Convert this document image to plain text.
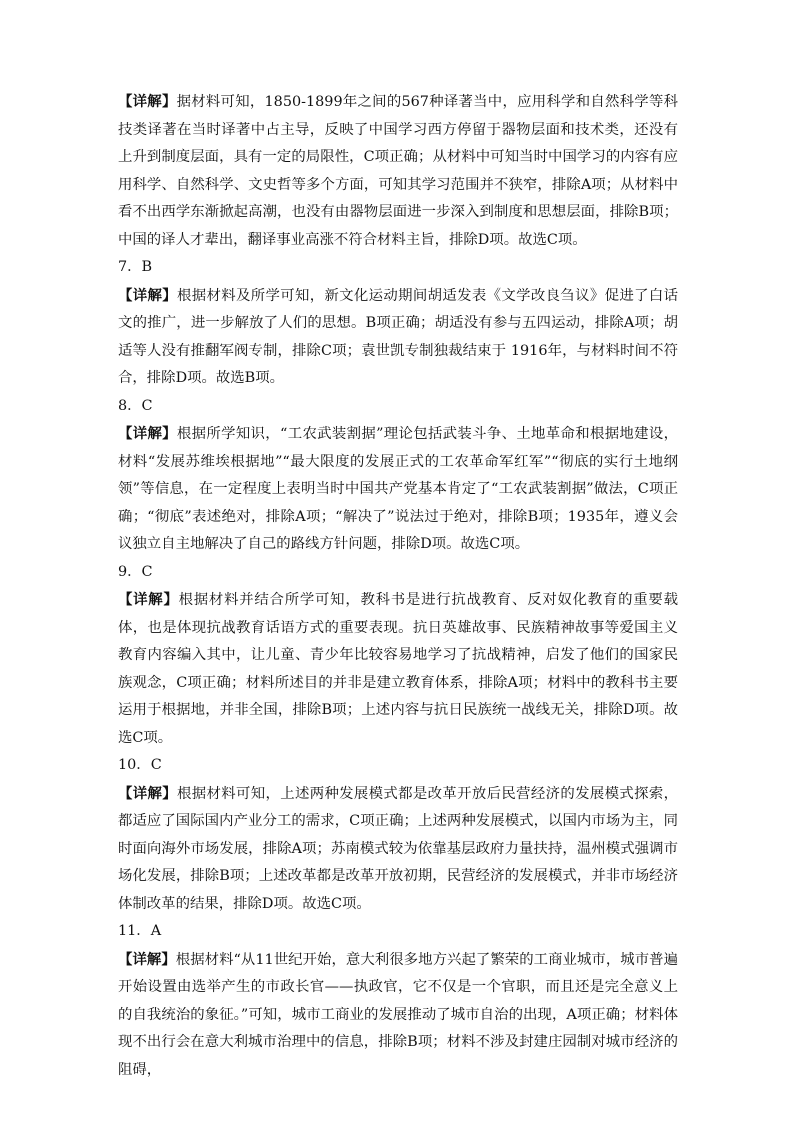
【详解】据材料可知，1850-1899年之间的567种译著当中，应用科学和自然科学等科技类译著在当时译著中占主导，反映了中国学习西方停留于器物层面和技术类，还没有上升到制度层面，具有一定的局限性，C项正确；从材料中可知当时中国学习的内容有应用科学、自然科学、文史哲等多个方面，可知其学习范围并不狭窄，排除A项；从材料中看不出西学东渐掀起高潮，也没有由器物层面进一步深入到制度和思想层面，排除B项；中国的译人才辈出，翻译事业高涨不符合材料主旨，排除D项。故选C项。

7．B

【详解】根据材料及所学可知，新文化运动期间胡适发表《文学改良刍议》促进了白话文的推广，进一步解放了人们的思想。B项正确；胡适没有参与五四运动，排除A项；胡适等人没有推翻军阀专制，排除C项；袁世凯专制独裁结束于 1916年，与材料时间不符合，排除D项。故选B项。

8．C

【详解】根据所学知识，“工农武装割据”理论包括武装斗争、土地革命和根据地建设，材料“发展苏维埃根据地”“最大限度的发展正式的工农革命军红军”“彻底的实行土地纲领”等信息，在一定程度上表明当时中国共产党基本肯定了“工农武装割据”做法，C项正确；“彻底”表述绝对，排除A项；“解决了”说法过于绝对，排除B项；1935年，遵义会议独立自主地解决了自己的路线方针问题，排除D项。故选C项。

9．C

【详解】根据材料并结合所学可知，教科书是进行抗战教育、反对奴化教育的重要载体，也是体现抗战教育话语方式的重要表现。抗日英雄故事、民族精神故事等爱国主义教育内容编入其中，让儿童、青少年比较容易地学习了抗战精神，启发了他们的国家民族观念，C项正确；材料所述目的并非是建立教育体系，排除A项；材料中的教科书主要运用于根据地，并非全国，排除B项；上述内容与抗日民族统一战线无关，排除D项。故选C项。

10．C

【详解】根据材料可知，上述两种发展模式都是改革开放后民营经济的发展模式探索，都适应了国际国内产业分工的需求，C项正确；上述两种发展模式，以国内市场为主，同时面向海外市场发展，排除A项；苏南模式较为依靠基层政府力量扶持，温州模式强调市场化发展，排除B项；上述改革都是改革开放初期，民营经济的发展模式，并非市场经济体制改革的结果，排除D项。故选C项。

11．A

【详解】根据材料“从11世纪开始，意大利很多地方兴起了繁荣的工商业城市，城市普遍开始设置由选举产生的市政长官——执政官，它不仅是一个官职，而且还是完全意义上的自我统治的象征。”可知，城市工商业的发展推动了城市自治的出现，A项正确；材料体现不出行会在意大利城市治理中的信息，排除B项；材料不涉及封建庄园制对城市经济的阻碍，
